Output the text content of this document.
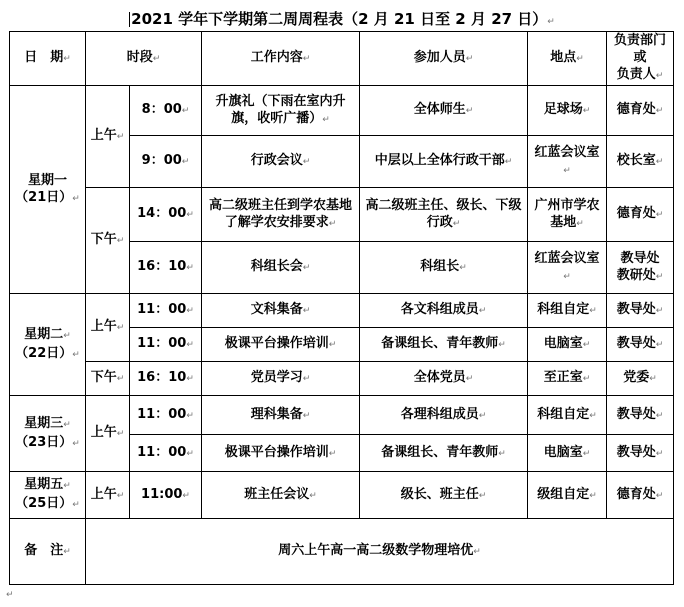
2021 学年下学期第二周周程表（2 月 21 日至 2 月 27 日）↵
日　期↵	时段↵		工作内容↵	参加人员↵	地点↵	负责部门或
负责人↵
星期一
（21日）↵	上午↵	8：00↵	升旗礼（下雨在室内升旗，收听广播）↵	全体师生↵	足球场↵	德育处↵
		9：00↵	行政会议↵	中层以上全体行政干部↵	红蓝会议室↵	校长室↵
	下午↵	14：00↵	高二级班主任到学农基地了解学农安排要求↵	高二级班主任、级长、下级行政↵	广州市学农基地↵	德育处↵
		16：10↵	科组长会↵	科组长↵	红蓝会议室↵	教导处
教研处↵
星期二↵
（22日）↵	上午↵	11：00↵	文科集备↵	各文科组成员↵	科组自定↵	教导处↵
		11：00↵	极课平台操作培训↵	备课组长、青年教师↵	电脑室↵	教导处↵
	下午↵	16：10↵	党员学习↵	全体党员↵	至正室↵	党委↵
星期三↵
（23日）↵	上午↵	11：00↵	理科集备↵	各理科组成员↵	科组自定↵	教导处↵
		11：00↵	极课平台操作培训↵	备课组长、青年教师↵	电脑室↵	教导处↵
星期五↵
（25日）↵	上午↵	11:00↵	班主任会议↵	级长、班主任↵	级组自定↵	德育处↵
备　注↵	周六上午高一高二级数学物理培优↵					
↵
